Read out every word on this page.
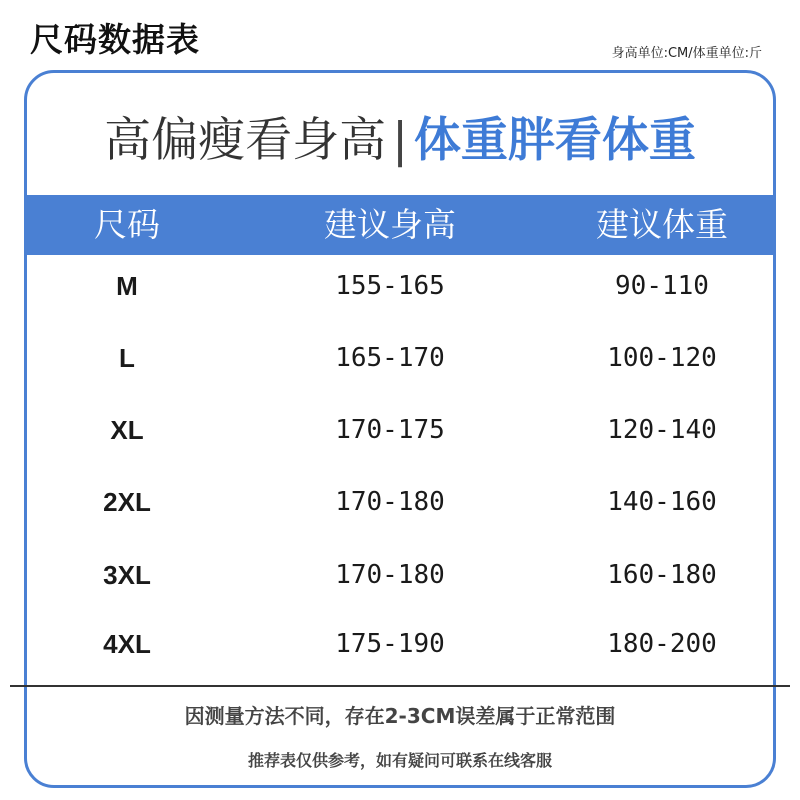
尺码数据表	身高单位:CM/体重单位:斤
高偏瘦看身高 | 体重胖看体重
尺码	建议身高	建议体重
M	155-165	90-110
L	165-170	100-120
XL	170-175	120-140
2XL	170-180	140-160
3XL	170-180	160-180
4XL	175-190	180-200
因测量方法不同，存在2-3CM误差属于正常范围
推荐表仅供参考，如有疑问可联系在线客服
